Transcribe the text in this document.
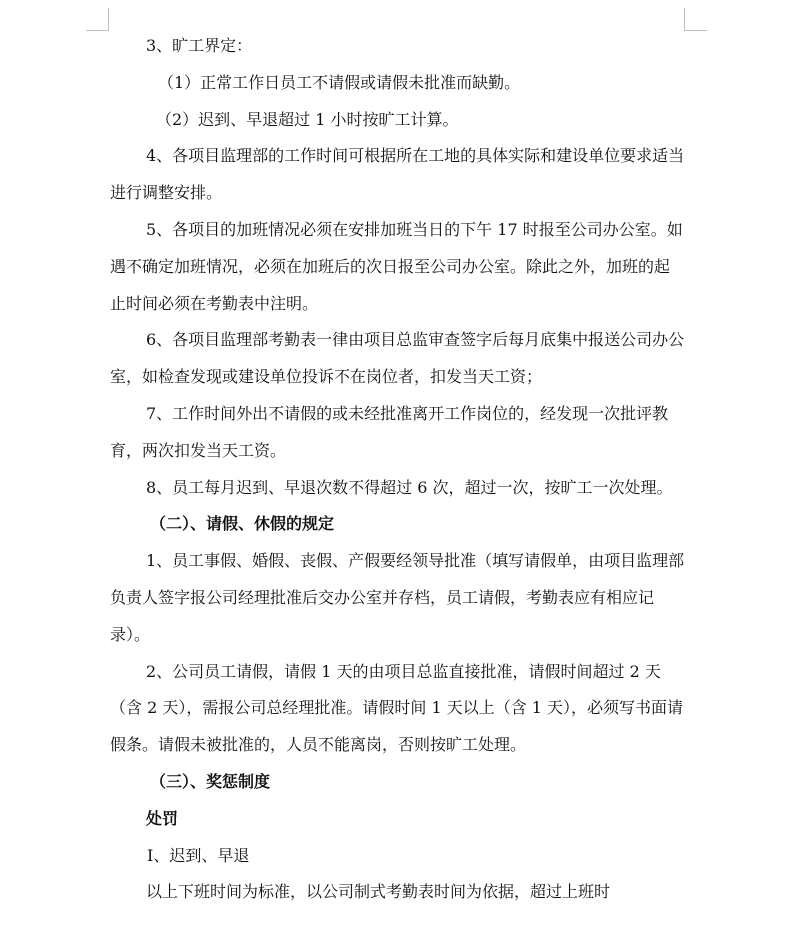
3、旷工界定：

（1）正常工作日员工不请假或请假未批准而缺勤。

（2）迟到、早退超过 1 小时按旷工计算。

4、各项目监理部的工作时间可根据所在工地的具体实际和建设单位要求适当进行调整安排。

5、各项目的加班情况必须在安排加班当日的下午 17 时报至公司办公室。如遇不确定加班情况，必须在加班后的次日报至公司办公室。除此之外，加班的起止时间必须在考勤表中注明。

6、各项目监理部考勤表一律由项目总监审查签字后每月底集中报送公司办公室，如检查发现或建设单位投诉不在岗位者，扣发当天工资；

7、工作时间外出不请假的或未经批准离开工作岗位的，经发现一次批评教育，两次扣发当天工资。

8、员工每月迟到、早退次数不得超过 6 次，超过一次，按旷工一次处理。

（二）、请假、休假的规定

1、员工事假、婚假、丧假、产假要经领导批准（填写请假单，由项目监理部负责人签字报公司经理批准后交办公室并存档，员工请假，考勤表应有相应记录）。

2、公司员工请假，请假 1 天的由项目总监直接批准，请假时间超过 2 天（含 2 天），需报公司总经理批准。请假时间 1 天以上（含 1 天），必须写书面请假条。请假未被批准的，人员不能离岗，否则按旷工处理。

（三）、奖惩制度

处罚

Ⅰ、迟到、早退

以上下班时间为标准，以公司制式考勤表时间为依据，超过上班时
